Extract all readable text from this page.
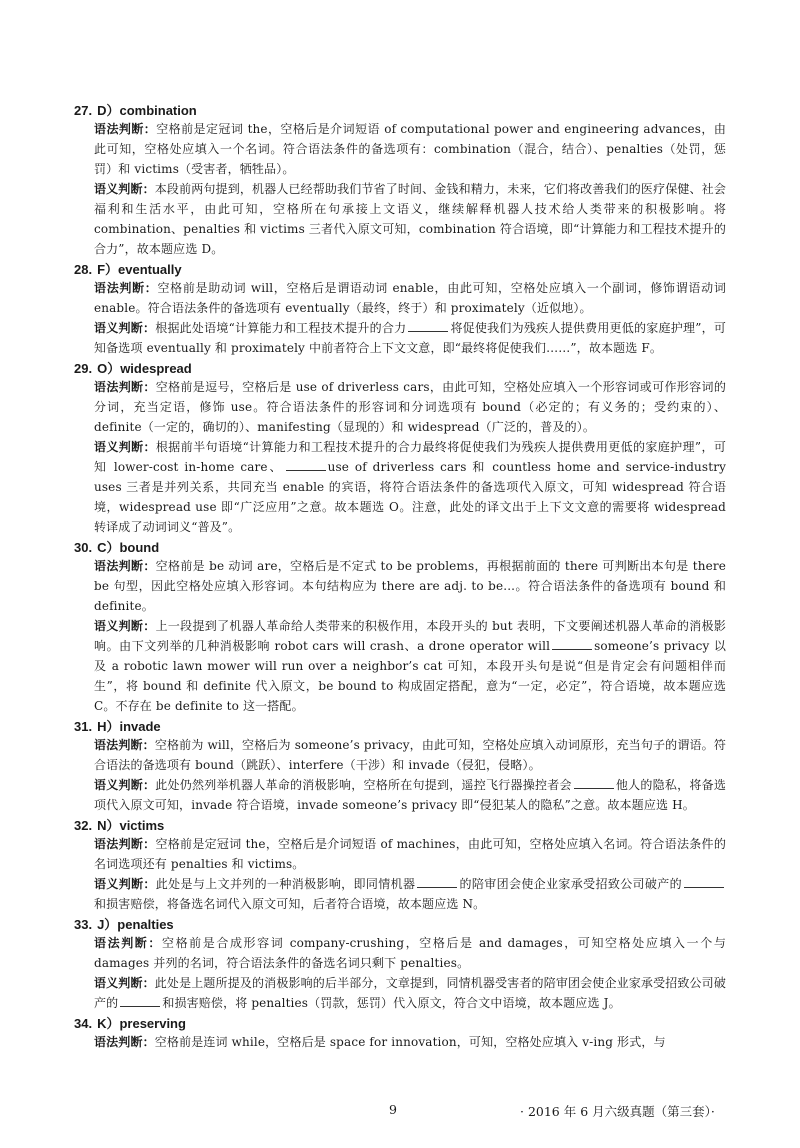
27. D）combination

语法判断：空格前是定冠词 the，空格后是介词短语 of computational power and engineering advances，由此可知，空格处应填入一个名词。符合语法条件的备选项有：combination（混合，结合）、penalties（处罚，惩罚）和 victims（受害者，牺牲品）。

语义判断：本段前两句提到，机器人已经帮助我们节省了时间、金钱和精力，未来，它们将改善我们的医疗保健、社会福利和生活水平，由此可知，空格所在句承接上文语义，继续解释机器人技术给人类带来的积极影响。将 combination、penalties 和 victims 三者代入原文可知，combination 符合语境，即“计算能力和工程技术提升的合力”，故本题应选 D。

28. F）eventually

语法判断：空格前是助动词 will，空格后是谓语动词 enable，由此可知，空格处应填入一个副词，修饰谓语动词 enable。符合语法条件的备选项有 eventually（最终，终于）和 proximately（近似地）。

语义判断：根据此处语境“计算能力和工程技术提升的合力	将促使我们为残疾人提供费用更低的家庭护理”，可知备选项 eventually 和 proximately 中前者符合上下文文意，即“最终将促使我们……”，故本题选 F。

29. O）widespread

语法判断：空格前是逗号，空格后是 use of driverless cars，由此可知，空格处应填入一个形容词或可作形容词的分词，充当定语，修饰 use。符合语法条件的形容词和分词选项有 bound（必定的；有义务的；受约束的）、definite（一定的，确切的）、manifesting（显现的）和 widespread（广泛的，普及的）。

语义判断：根据前半句语境“计算能力和工程技术提升的合力最终将促使我们为残疾人提供费用更低的家庭护理”，可知 lower-cost in-home care、	use of driverless cars 和 countless home and service-industry uses 三者是并列关系，共同充当 enable 的宾语，将符合语法条件的备选项代入原文，可知 widespread 符合语境，widespread use 即“广泛应用”之意。故本题选 O。注意，此处的译文出于上下文文意的需要将 widespread 转译成了动词词义“普及”。

30. C）bound

语法判断：空格前是 be 动词 are，空格后是不定式 to be problems，再根据前面的 there 可判断出本句是 there be 句型，因此空格处应填入形容词。本句结构应为 there are adj. to be...。符合语法条件的备选项有 bound 和 definite。

语义判断：上一段提到了机器人革命给人类带来的积极作用，本段开头的 but 表明，下文要阐述机器人革命的消极影响。由下文列举的几种消极影响 robot cars will crash、a drone operator will	someone’s privacy 以及 a robotic lawn mower will run over a neighbor’s cat 可知，本段开头句是说“但是肯定会有问题相伴而生”，将 bound 和 definite 代入原文，be bound to 构成固定搭配，意为“一定，必定”，符合语境，故本题应选 C。不存在 be definite to 这一搭配。

31. H）invade

语法判断：空格前为 will，空格后为 someone’s privacy，由此可知，空格处应填入动词原形，充当句子的谓语。符合语法的备选项有 bound（跳跃）、interfere（干涉）和 invade（侵犯，侵略）。

语义判断：此处仍然列举机器人革命的消极影响，空格所在句提到，遥控飞行器操控者会	他人的隐私，将备选项代入原文可知，invade 符合语境，invade someone’s privacy 即“侵犯某人的隐私”之意。故本题应选 H。

32. N）victims

语法判断：空格前是定冠词 the，空格后是介词短语 of machines，由此可知，空格处应填入名词。符合语法条件的名词选项还有 penalties 和 victims。

语义判断：此处是与上文并列的一种消极影响，即同情机器	的陪审团会使企业家承受招致公司破产的和损害赔偿，将备选名词代入原文可知，后者符合语境，故本题应选 N。

33. J）penalties

语法判断：空格前是合成形容词 company-crushing，空格后是 and damages，可知空格处应填入一个与 damages 并列的名词，符合语法条件的备选名词只剩下 penalties。

语义判断：此处是上题所提及的消极影响的后半部分，文章提到，同情机器受害者的陪审团会使企业家承受招致公司破产的	和损害赔偿，将 penalties（罚款，惩罚）代入原文，符合文中语境，故本题应选 J。

34. K）preserving

语法判断：空格前是连词 while，空格后是 space for innovation，可知，空格处应填入 v-ing 形式，与

9	· 2016 年 6 月六级真题（第三套）·
